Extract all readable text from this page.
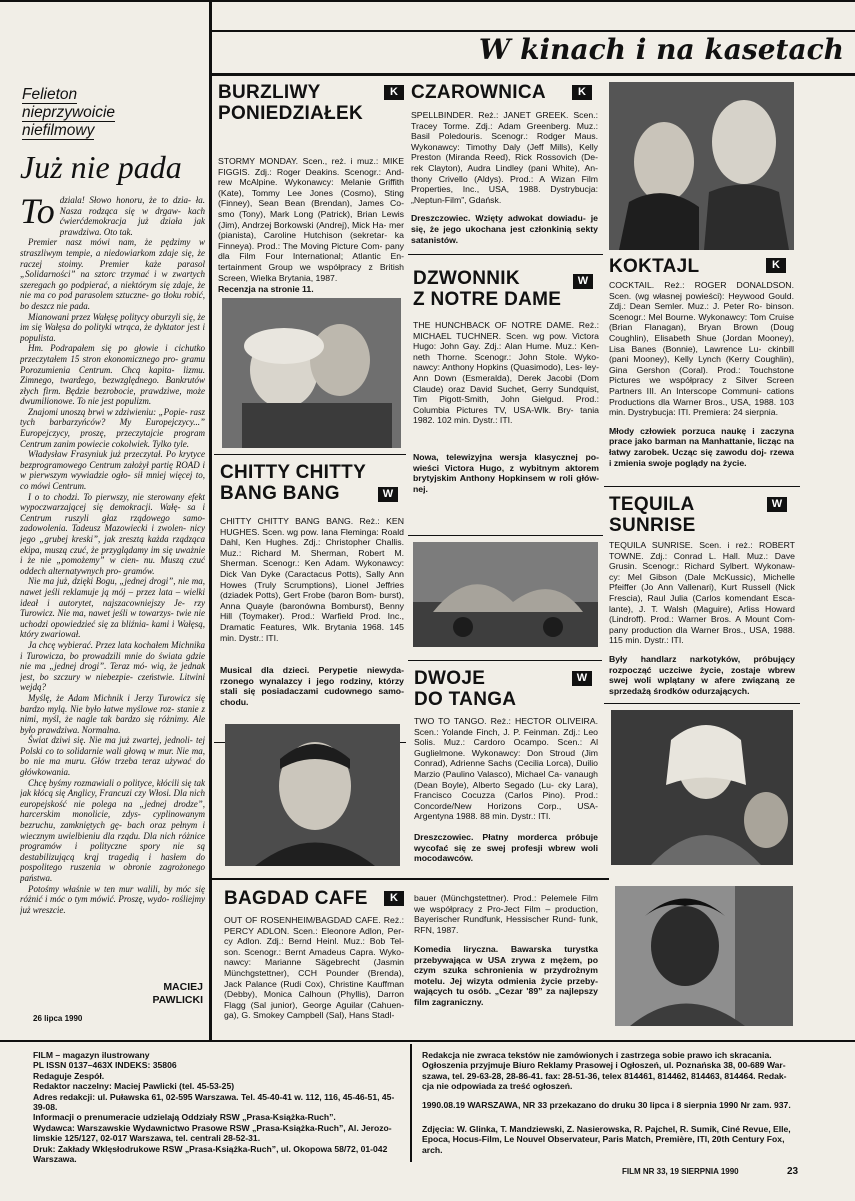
W kinach i na kasetach
Felieton
nieprzywoicie
niefilmowy
Już nie pada
To dziala! Słowo honoru, że to dzia- ła. Nasza rodząca się w drgaw- kach ćwierćdemokracja już działa jak prawdziwa. Oto tak.
Premier nasz mówi nam, że pędzimy w straszliwym tempie, a niedowiarkom zdaje się, że raczej stoimy. Premier każe parasol „Solidarności” na sztorc trzymać i w zwartych szeregach go podpierać, a niektórym się zdaje, że nie ma co pod parasolem sztuczne- go tłoku robić, bo deszcz nie pada.
Mianowani przez Wałęsę politycy oburzyli się, że im się Wałęsa do polityki wtrąca, że dyktator jest i populista.
Hm. Podrapałem się po głowie i cichutko przeczytałem 15 stron ekonomicznego pro- gramu Porozumienia Centrum. Chcą kapita- lizmu. Zimnego, twardego, bezwzględnego. Bankrutów złych firm. Będzie bezrobocie, prawdziwe, może dwumilionowe. To nie jest populizm.
Znajomi unoszą brwi w zdziwieniu: „Popie- rasz tych barbarzyńców? My Europejczycy...” Europejczycy, proszę, przeczytajcie program Centrum zanim powiecie cokolwiek. Tylko tyle.
Władysław Frasyniuk już przeczytał. Po krytyce bezprogramowego Centrum założył partię ROAD i w pierwszym wywiadzie ogło- sił mniej więcej to, co mówi Centrum.
I o to chodzi. To pierwszy, nie sterowany efekt wypoczwarzającej się demokracji. Wałę- sa i Centrum ruszyli głaz rządowego samo- zadowolenia. Tadeusz Mazowiecki i zwolen- nicy jego „grubej kreski”, jak zresztą każda rządząca ekipa, muszą czuć, że przyglądamy im się uważnie i że nie „pomożemy” w cien- nu. Muszą czuć oddech alternatywnych pro- gramów.
Nie ma już, dzięki Bogu, „jednej drogi”, nie ma, nawet jeśli reklamuje ją mój – przez lata – wielki ideał i autorytet, najszacowniejszy Je- rzy Turowicz. Nie ma, nawet jeśli w towarzys- twie nie uchodzi opowiedzieć się za bliźnia- kami i Wałęsą, który zwariował.
Ja chcę wybierać. Przez lata kochałem Michnika i Turowicza, bo prowadzili mnie do świata gdzie nie ma „jednej drogi”. Teraz mó- wią, że jednak jest, bo szczury w niebezpie- czeństwie. Litwini wejdą?
Myślę, że Adam Michnik i Jerzy Turowicz się bardzo mylą. Nie było łatwe myślowe roz- stanie z nimi, myśl, że nagle tak bardzo się różnimy. Ale było prawdziwa. Normalna.
Świat dziwi się. Nie ma już zwartej, jednoli- tej Polski co to solidarnie wali głową w mur. Nie ma, bo nie ma muru. Głów trzeba teraz używać do główkowania.
Chcę byśmy rozmawiali o polityce, kłócili się tak jak kłócą się Anglicy, Francuzi czy Włosi. Dla nich europejskość nie polega na „jednej drodze”, harcerskim monolicie, zdys- cyplinowanym bezruchu, zamkniętych gę- bach oraz pełnym i wiecznym uwielbieniu dla rządu. Dla nich różnice programów i polityczne spory nie są destabilizującą krąj tragedią i hasłem do pospolitego ruszenia w obronie zagrożonego państwa.
Potośmy właśnie w ten mur walili, by móc się różnić i móc o tym mówić. Proszę, wydo- rośliejmy już wreszcie.
MACIEJ
PAWLICKI
26 lipca 1990
BURZLIWY
PONIEDZIAŁEK
K

STORMY MONDAY. Scen., reż. i muz.: MIKE FIGGIS. Zdj.: Roger Deakins. Scenogr.: And- rew McAlpine. Wykonawcy: Melanie Griffith (Kate), Tommy Lee Jones (Cosmo), Sting (Finney), Sean Bean (Brendan), James Co- smo (Tony), Mark Long (Patrick), Brian Lewis (Jim), Andrzej Borkowski (Andrej), Mick Ha- mer (pianista), Caroline Hutchison (sekretar- ka Finneya). Prod.: The Moving Picture Com- pany dla Film Four International; Atlantic En- tertainment Group we współpracy z British Screen, Wielka Brytania, 1987.

Recenzja na stronie 11.

CZAROWNICA	K

SPELLBINDER. Reż.: JANET GREEK. Scen.: Tracey Torme. Zdj.: Adam Greenberg. Muz.: Basil Poledouris. Scenogr.: Rodger Maus. Wykonawcy: Timothy Daly (Jeff Mills), Kelly Preston (Miranda Reed), Rick Rossovich (De- rek Clayton), Audra Lindley (pani White), An- thony Crivello (Aldys). Prod.: A Wizan Film Properties, Inc., USA, 1988. Dystrybucja: „Neptun-Film”, Gdańsk.

Dreszczowiec. Wzięty adwokat dowiadu- je się, że jego ukochana jest członkinią sekty satanistów.

KOKTAJL	K

COCKTAIL. Reż.: ROGER DONALDSON. Scen. (wg własnej powieści): Heywood Gould. Zdj.: Dean Semler. Muz.: J. Peter Ro- binson. Scenogr.: Mel Bourne. Wykonawcy: Tom Cruise (Brian Flanagan), Bryan Brown (Doug Coughlin), Elisabeth Shue (Jordan Mooney), Lisa Banes (Bonnie), Lawrence Lu- ckinbill (pani Mooney), Kelly Lynch (Kerry Coughlin), Gina Gershon (Coral). Prod.: Touchstone Pictures we współpracy z Silver Screen Partners III. An Interscope Communi- cations Productions dla Warner Bros., USA, 1988. 103 min. Dystrybucja: ITI. Premiera: 24 sierpnia.

Młody człowiek porzuca naukę i zaczyna prace jako barman na Manhattanie, licząc na łatwy zarobek. Ucząc się zawodu doj- rzewa i zmienia swoje poglądy na życie.

DZWONNIK
Z NOTRE DAME
W

THE HUNCHBACK OF NOTRE DAME. Reż.: MICHAEL TUCHNER. Scen. wg pow. Victora Hugo: John Gay. Zdj.: Alan Hume. Muz.: Ken- neth Thorne. Scenogr.: John Stole. Wyko- nawcy: Anthony Hopkins (Quasimodo), Les- ley-Ann Down (Esmeralda), Derek Jacobi (Dom Claude) oraz David Suchet, Gerry Sundquist, Tim Pigott-Smith, John Gielgud. Prod.: Columbia Pictures TV, USA-Wlk. Bry- tania 1982. 102 min. Dystr.: ITI.

Nowa, telewizyjna wersja klasycznej po- wieści Victora Hugo, z wybitnym aktorem brytyjskim Anthony Hopkinsem w roli głów- nej.

CHITTY CHITTY
BANG BANG	W

CHITTY CHITTY BANG BANG. Reż.: KEN HUGHES. Scen. wg pow. Iana Fleminga: Roald Dahl, Ken Hughes. Zdj.: Christopher Challis. Muz.: Richard M. Sherman, Robert M. Sherman. Scenogr.: Ken Adam. Wykonawcy: Dick Van Dyke (Caractacus Potts), Sally Ann Howes (Truly Scrumptions), Lionel Jeffries (dziadek Potts), Gert Frobe (baron Bom- burst), Anna Quayle (baronówna Bomburst), Benny Hill (Toymaker). Prod.: Warfield Prod. Inc., Dramatic Features, Wlk. Brytania 1968. 145 min. Dystr.: ITI.

Musical dla dzieci. Perypetie niewyda- rzonego wynalazcy i jego rodziny, którzy stali się posiadaczami cudownego samo- chodu.

TEQUILA
SUNRISE
W

TEQUILA SUNRISE. Scen. i reż.: ROBERT TOWNE. Zdj.: Conrad L. Hall. Muz.: Dave Grusin. Scenogr.: Richard Sylbert. Wykonaw- cy: Mel Gibson (Dale McKussic), Michelle Pfeiffer (Jo Ann Vallenari), Kurt Russell (Nick Frescia), Raul Julia (Carlos komendant Esca- lante), J. T. Walsh (Maguire), Arliss Howard (Lindroff). Prod.: Warner Bros. A Mount Com- pany production dla Warner Bros., USA, 1988. 115 min. Dystr.: ITI.

Były handlarz narkotyków, próbujący rozpocząć uczciwe życie, zostaje wbrew swej woli wplątany w afere związaną ze sprzedażą środków odurzających.

DWOJE
DO TANGA
W

TWO TO TANGO. Reż.: HECTOR OLIVEIRA. Scen.: Yolande Finch, J. P. Feinman. Zdj.: Leo Solis. Muz.: Cardoro Ocampo. Scen.: Al Guglielmone. Wykonawcy: Don Stroud (Jim Conrad), Adrienne Sachs (Cecilia Lorca), Duilio Marzio (Paulino Valasco), Michael Ca- vanaugh (Dean Boyle), Alberto Segado (Lu- cky Lara), Francisco Cocuzza (Carlos Pino). Prod.: Concorde/New Horizons Corp., USA- Argentyna 1988. 88 min. Dystr.: ITI.

Dreszczowiec. Płatny morderca próbuje wycofać się ze swej profesji wbrew woli mocodawców.

BAGDAD CAFE	K

OUT OF ROSENHEIM/BAGDAD CAFE. Reż.: PERCY ADLON. Scen.: Eleonore Adlon, Per- cy Adlon. Zdj.: Bernd Heinl. Muz.: Bob Tel- son. Scenogr.: Bernt Amadeus Capra. Wyko- nawcy: Marianne Sägebrecht (Jasmin Münchgstettner), CCH Pounder (Brenda), Jack Palance (Rudi Cox), Christine Kauffman (Debby), Monica Calhoun (Phyllis), Darron Flagg (Sal junior), George Aguilar (Cahuen- ga), G. Smokey Campbell (Sal), Hans Stadl-

bauer (Münchgstettner). Prod.: Pelemele Film we współpracy z Pro-Ject Film – production, Bayerischer Rundfunk, Hessischer Rund- funk, RFN, 1987.

Komedia liryczna. Bawarska turystka przebywająca w USA zrywa z mężem, po czym szuka schronienia w przydrożnym motelu. Jej wizyta odmienia życie przeby- wających tu osób. „Cezar '89” za najlepszy film zagraniczny.

FILM – magazyn ilustrowany
PL ISSN 0137–463X INDEKS: 35806
Redaguje Zespół.
Redaktor naczelny: Maciej Pawlicki (tel. 45-53-25)
Adres redakcji: ul. Puławska 61, 02-595 Warszawa. Tel. 45-40-41 w. 112, 116, 45-46-51, 45-39-08.
Informacji o prenumeracie udzielają Oddziały RSW „Prasa-Książka-Ruch”.
Wydawca: Warszawskie Wydawnictwo Prasowe RSW „Prasa-Książka-Ruch”, Al. Jerozo- limskie 125/127, 02-017 Warszawa, tel. centrali 28-52-31.
Druk: Zakłady Wklęsłodrukowe RSW „Prasa-Książka-Ruch”, ul. Okopowa 58/72, 01-042 Warszawa.
Redakcja nie zwraca tekstów nie zamówionych i zastrzega sobie prawo ich skracania. Ogłoszenia przyjmuje Biuro Reklamy Prasowej i Ogłoszeń, ul. Poznańska 38, 00-689 War- szawa, tel. 29-63-28, 28-86-41. fax: 28-51-36, telex 814461, 814462, 814463, 814464. Redak- cja nie odpowiada za treść ogłoszeń.
1990.08.19 WARSZAWA, NR 33 przekazano do druku 30 lipca i 8 sierpnia 1990 Nr zam. 937.
Zdjęcia: W. Glinka, T. Mandziewski, Z. Nasierowska, R. Pajchel, R. Sumik, Ciné Revue, Elle, Epoca, Hocus-Film, Le Nouvel Observateur, Paris Match, Première, ITI, 20th Century Fox, arch.
FILM NR 33, 19 SIERPNIA 1990	23
